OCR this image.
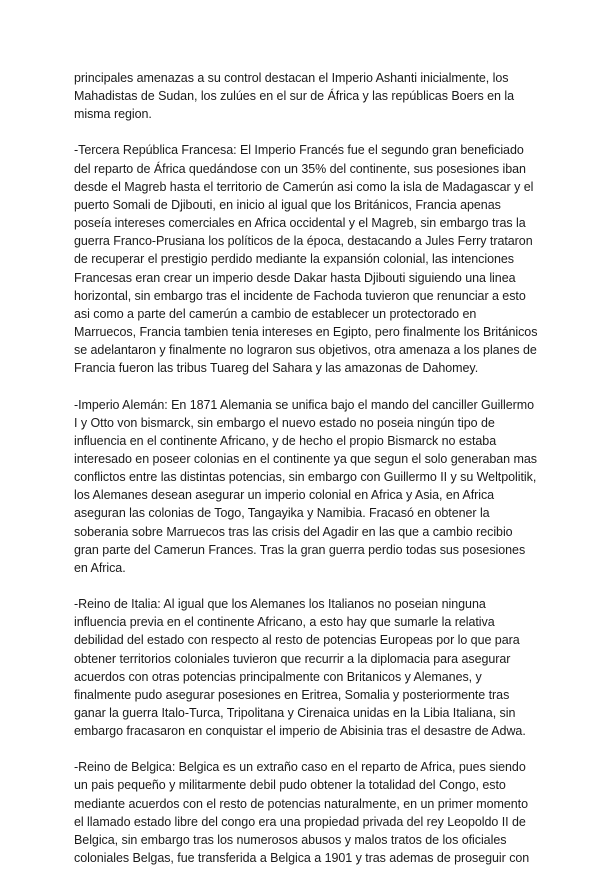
principales amenazas a su control destacan el Imperio Ashanti inicialmente, los
Mahadistas de Sudan, los zulúes en el sur de África y las repúblicas Boers en la
misma region.

-Tercera República Francesa: El Imperio Francés fue el segundo gran beneficiado
del reparto de África quedándose con un 35% del continente, sus posesiones iban
desde el Magreb hasta el territorio de Camerún asi como la isla de Madagascar y el
puerto Somali de Djibouti, en inicio al igual que los Británicos, Francia apenas
poseía intereses comerciales en Africa occidental y el Magreb, sin embargo tras la
guerra Franco-Prusiana los políticos de la época, destacando a Jules Ferry trataron
de recuperar el prestigio perdido mediante la expansión colonial, las intenciones
Francesas eran crear un imperio desde Dakar hasta Djibouti siguiendo una linea
horizontal, sin embargo tras el incidente de Fachoda tuvieron que renunciar a esto
asi como a parte del camerún a cambio de establecer un protectorado en
Marruecos, Francia tambien tenia intereses en Egipto, pero finalmente los Británicos
se adelantaron y finalmente no lograron sus objetivos, otra amenaza a los planes de
Francia fueron las tribus Tuareg del Sahara y las amazonas de Dahomey.

-Imperio Alemán: En 1871 Alemania se unifica bajo el mando del canciller Guillermo
I y Otto von bismarck, sin embargo el nuevo estado no poseia ningún tipo de
influencia en el continente Africano, y de hecho el propio Bismarck no estaba
interesado en poseer colonias en el continente ya que segun el solo generaban mas
conflictos entre las distintas potencias, sin embargo con Guillermo II y su Weltpolitik,
los Alemanes desean asegurar un imperio colonial en Africa y Asia, en Africa
aseguran las colonias de Togo, Tangayika y Namibia. Fracasó en obtener la
soberania sobre Marruecos tras las crisis del Agadir en las que a cambio recibio
gran parte del Camerun Frances. Tras la gran guerra perdio todas sus posesiones
en Africa.

-Reino de Italia: Al igual que los Alemanes los Italianos no poseian ninguna
influencia previa en el continente Africano, a esto hay que sumarle la relativa
debilidad del estado con respecto al resto de potencias Europeas por lo que para
obtener territorios coloniales tuvieron que recurrir a la diplomacia para asegurar
acuerdos con otras potencias principalmente con Britanicos y Alemanes, y
finalmente pudo asegurar posesiones en Eritrea, Somalia y posteriormente tras
ganar la guerra Italo-Turca, Tripolitana y Cirenaica unidas en la Libia Italiana, sin
embargo fracasaron en conquistar el imperio de Abisinia tras el desastre de Adwa.

-Reino de Belgica: Belgica es un extraño caso en el reparto de Africa, pues siendo
un pais pequeño y militarmente debil pudo obtener la totalidad del Congo, esto
mediante acuerdos con el resto de potencias naturalmente, en un primer momento
el llamado estado libre del congo era una propiedad privada del rey Leopoldo II de
Belgica, sin embargo tras los numerosos abusos y malos tratos de los oficiales
coloniales Belgas, fue transferida a Belgica a 1901 y tras ademas de proseguir con
